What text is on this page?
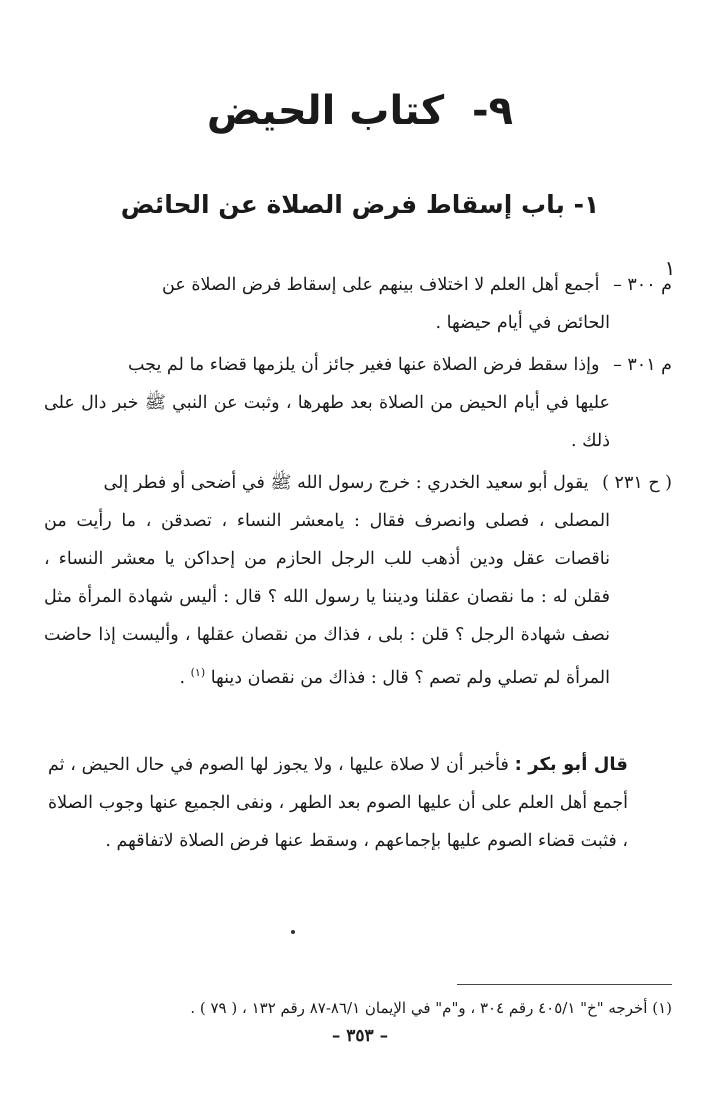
٩- كتاب الحيض
١- باب إسقاط فرض الصلاة عن الحائض
١
م ٣٠٠ – أجمع أهل العلم لا اختلاف بينهم على إسقاط فرض الصلاة عن
الحائض في أيام حيضها .
م ٣٠١ – وإذا سقط فرض الصلاة عنها فغير جائز أن يلزمها قضاء ما لم يجب
عليها في أيام الحيض من الصلاة بعد طهرها ، وثبت عن النبي ﷺ خبر دال على ذلك .
( ح ٢٣١ ) يقول أبو سعيد الخدري : خرج رسول الله ﷺ في أضحى أو فطر إلى
المصلى ، فصلى وانصرف فقال : يامعشر النساء ، تصدقن ، ما رأيت من ناقصات عقل ودين أذهب للب الرجل الحازم من إحداكن يا معشر النساء ، فقلن له : ما نقصان عقلنا وديننا يا رسول الله ؟ قال : أليس شهادة المرأة مثل نصف شهادة الرجل ؟ قلن : بلى ، فذاك من نقصان عقلها ، وأليست إذا حاضت المرأة لم تصلي ولم تصم ؟ قال : فذاك من نقصان دينها $^{(١)}$ .
قال أبو بكر : فأخبر أن لا صلاة عليها ، ولا يجوز لها الصوم في حال الحيض ، ثم أجمع أهل العلم على أن عليها الصوم بعد الطهر ، ونفى الجميع عنها وجوب الصلاة ، فثبت قضاء الصوم عليها بإجماعهم ، وسقط عنها فرض الصلاة لاتفاقهم .
(١) أخرجه "خ" ٤٠٥/١ رقم ٣٠٤ ، و"م" في الإيمان ٨٦/١-٨٧ رقم ١٣٢ ، ( ٧٩ ) .
– ٣٥٣ –
